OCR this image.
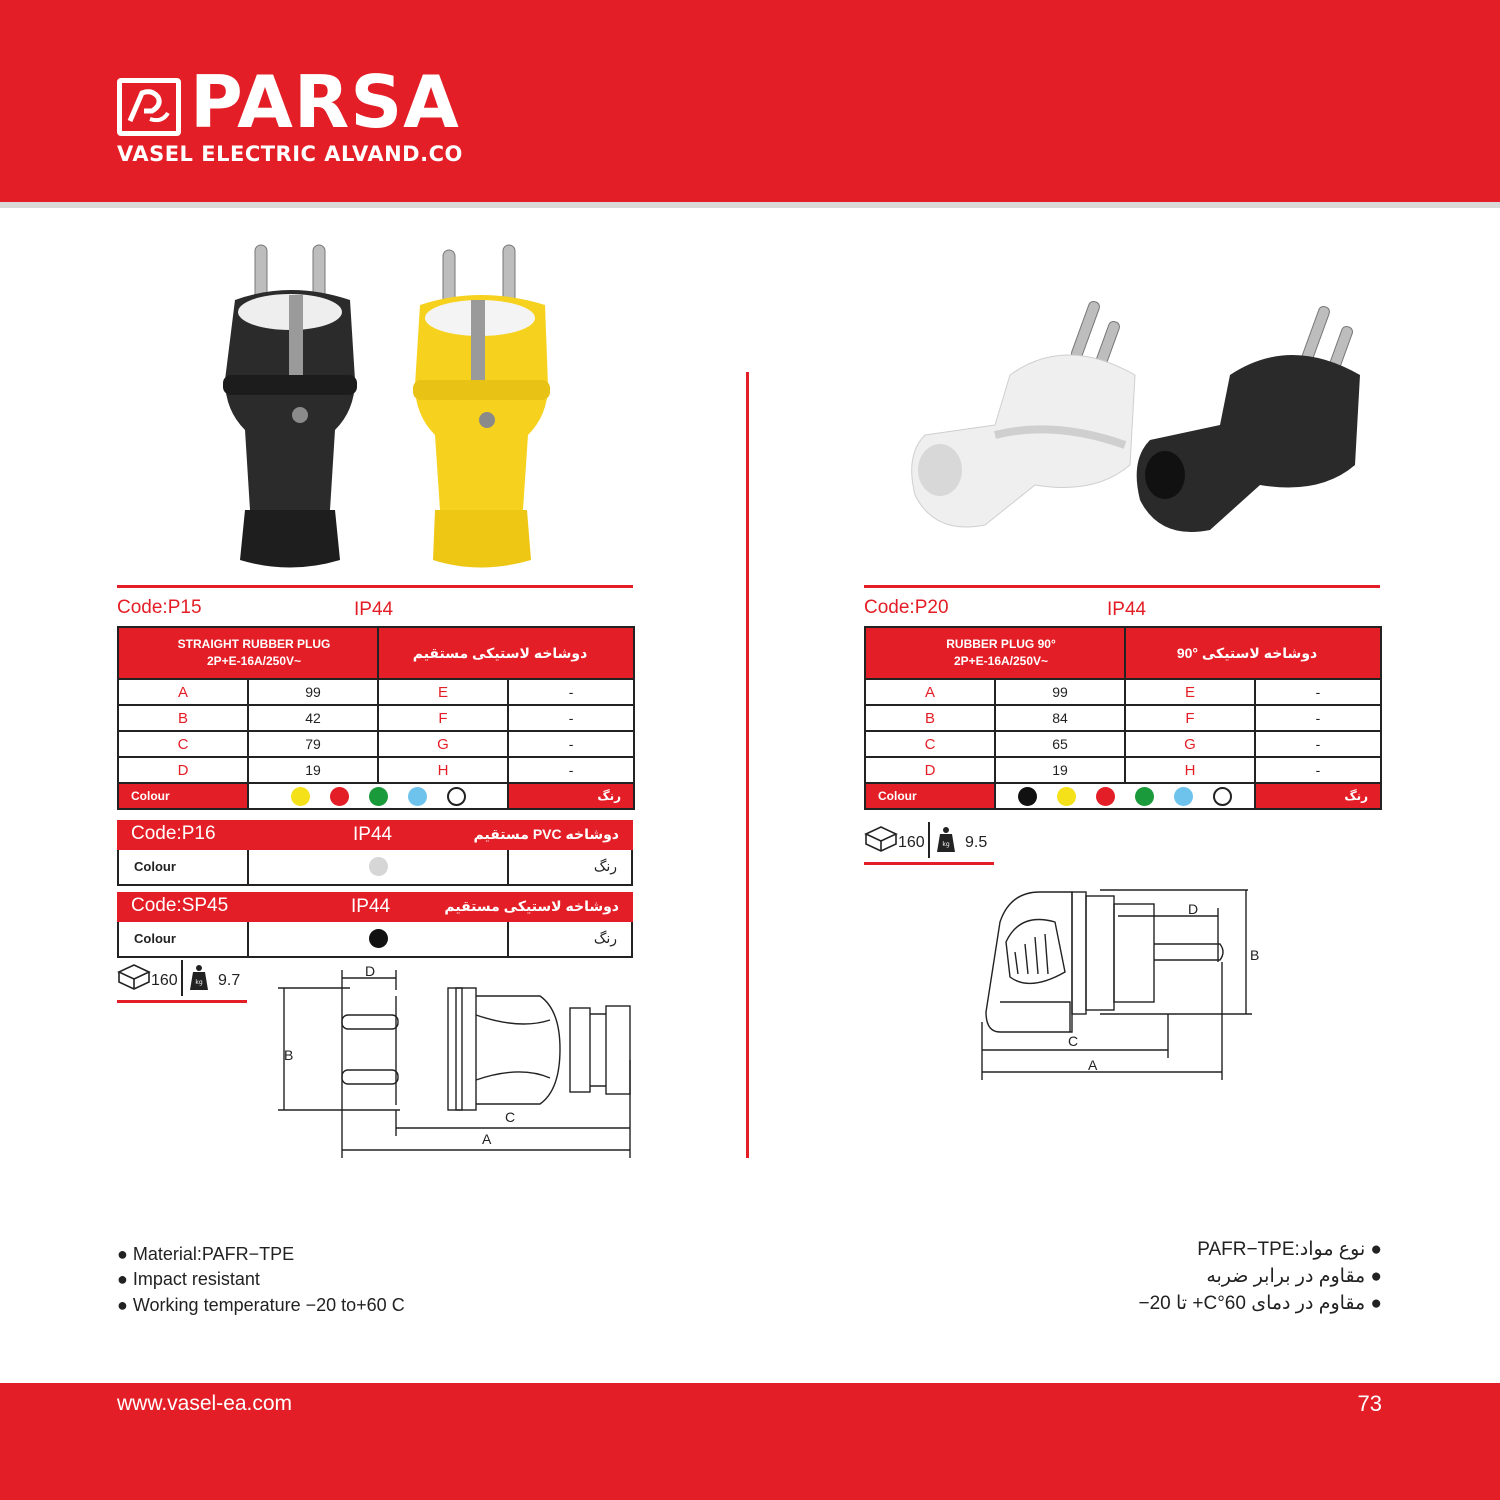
PARSA
VASEL ELECTRIC ALVAND.CO
Code:P15	IP44
STRAIGHT RUBBER PLUG
2P+E-16A/250V~		دوشاخه لاستیکی مستقیم	
A	99	E	-
B	42	F	-
C	79	G	-
D	19	H	-
Colour			رنگ
Code:P16	IP44	دوشاخه PVC مستقیم
Colour	رنگ
Code:SP45	IP44	دوشاخه لاستیکی مستقیم
Colour	رنگ
160	kg 9.7
D
B
C
A
Code:P20	IP44
RUBBER PLUG 90°
2P+E-16A/250V~		دوشاخه لاستیکی °90	
A	99	E	-
B	84	F	-
C	65	G	-
D	19	H	-
Colour			رنگ
160	kg 9.5
D
B
C
A
● Material:PAFR−TPE
● Impact resistant
● Working temperature −20 to+60 C
● نوع مواد:PAFR−TPE
● مقاوم در برابر ضربه
● مقاوم در دمای 60°C+ تا 20−
www.vasel-ea.com	73
